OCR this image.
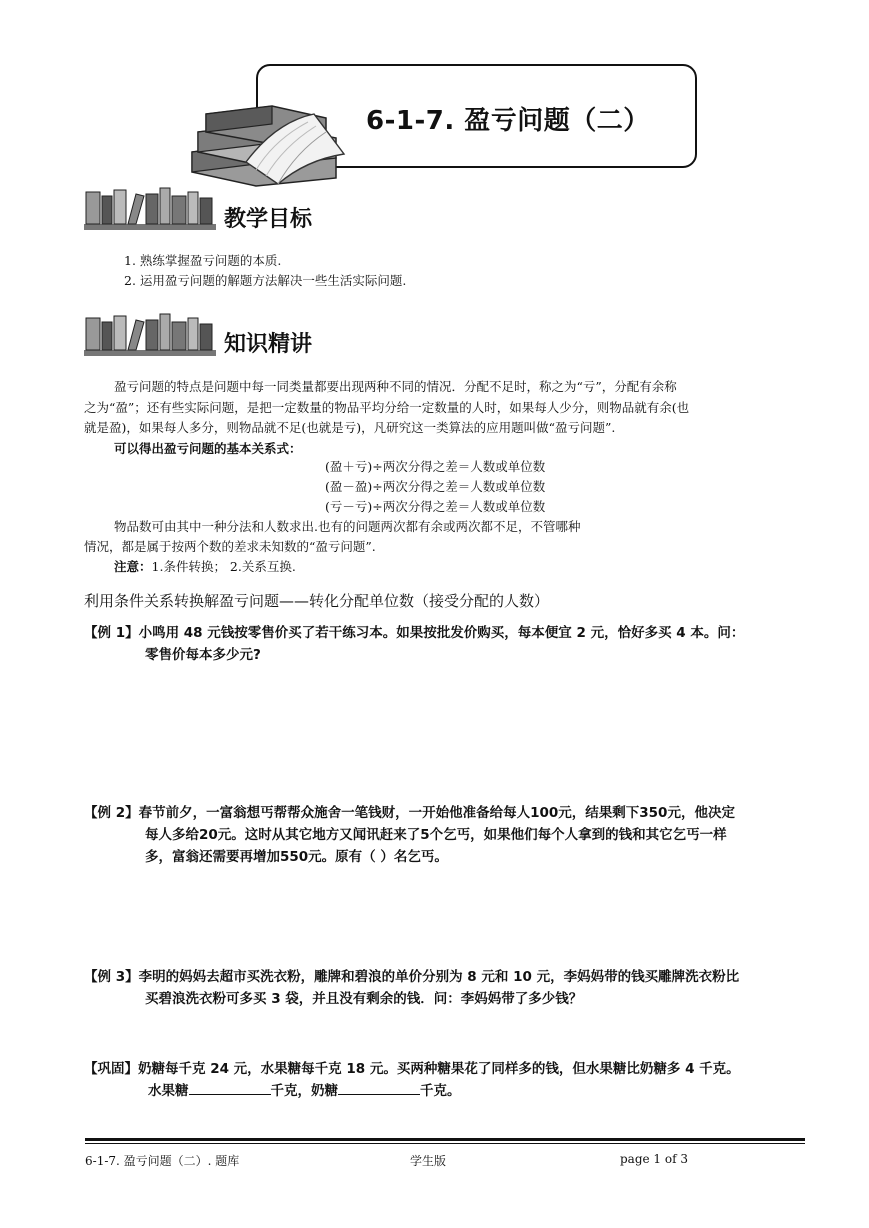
6-1-7. 盈亏问题（二）
教学目标
1. 熟练掌握盈亏问题的本质.
2. 运用盈亏问题的解题方法解决一些生活实际问题.
知识精讲
盈亏问题的特点是问题中每一同类量都要出现两种不同的情况．分配不足时，称之为“亏”，分配有余称
之为“盈”；还有些实际问题，是把一定数量的物品平均分给一定数量的人时，如果每人少分，则物品就有余(也
就是盈)，如果每人多分，则物品就不足(也就是亏)，凡研究这一类算法的应用题叫做“盈亏问题”.
可以得出盈亏问题的基本关系式：
(盈＋亏)÷两次分得之差＝人数或单位数
(盈－盈)÷两次分得之差＝人数或单位数
(亏－亏)÷两次分得之差＝人数或单位数
物品数可由其中一种分法和人数求出.也有的问题两次都有余或两次都不足，不管哪种
情况，都是属于按两个数的差求未知数的“盈亏问题”.
注意：1.条件转换； 2.关系互换.
利用条件关系转换解盈亏问题——转化分配单位数（接受分配的人数）
【例 1】小鸣用 48 元钱按零售价买了若干练习本。如果按批发价购买，每本便宜 2 元，恰好多买 4 本。问：
零售价每本多少元?
【例 2】春节前夕，一富翁想丐帮帮众施舍一笔钱财，一开始他准备给每人100元，结果剩下350元，他决定
每人多给20元。这时从其它地方又闻讯赶来了5个乞丐，如果他们每个人拿到的钱和其它乞丐一样
多，富翁还需要再增加550元。原有（ ）名乞丐。
【例 3】李明的妈妈去超市买洗衣粉，雕牌和碧浪的单价分别为 8 元和 10 元，李妈妈带的钱买雕牌洗衣粉比
买碧浪洗衣粉可多买 3 袋，并且没有剩余的钱．问：李妈妈带了多少钱？
【巩固】奶糖每千克 24 元，水果糖每千克 18 元。买两种糖果花了同样多的钱，但水果糖比奶糖多 4 千克。
水果糖	千克，奶糖	千克。
6-1-7. 盈亏问题（二）. 题库	学生版	page 1 of 3
